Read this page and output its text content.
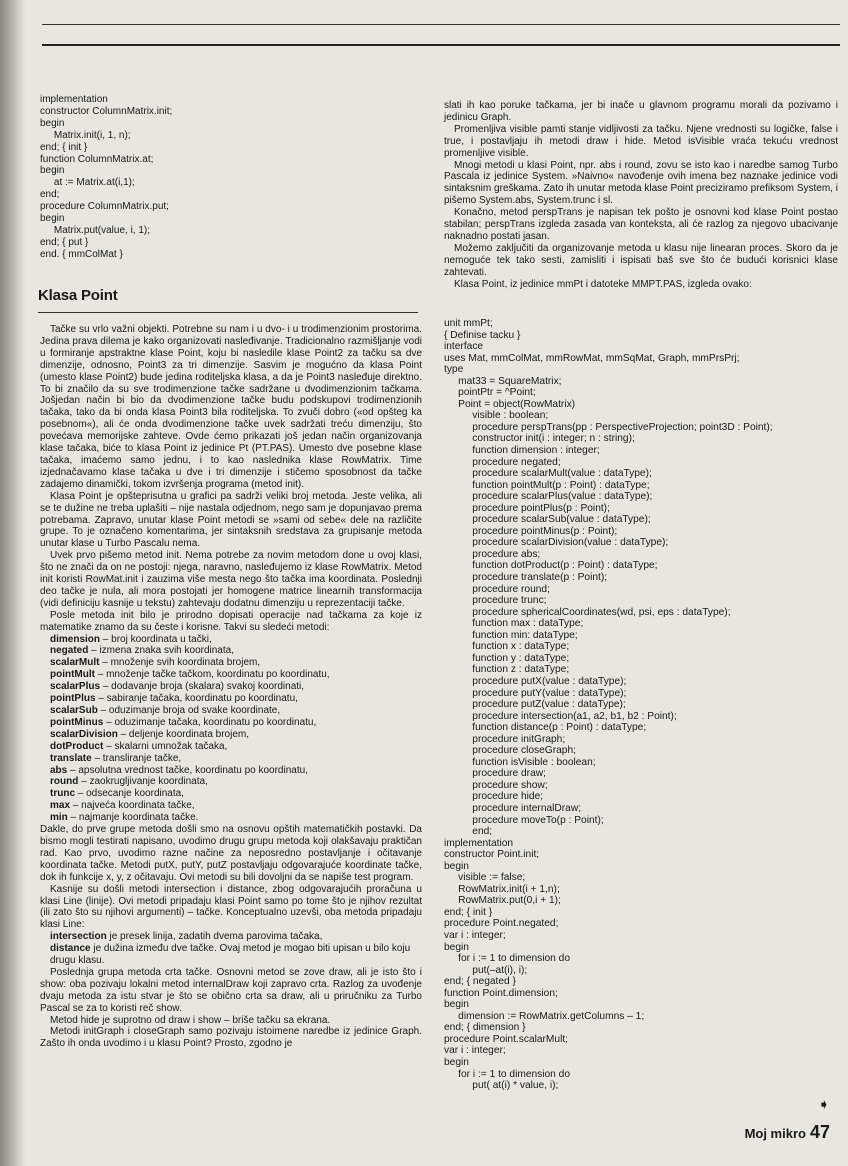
implementation
constructor ColumnMatrix.init;
begin
Matrix.init(i, 1, n);
end; { init }
function ColumnMatrix.at;
begin
at := Matrix.at(i,1);
end;
procedure ColumnMatrix.put;
begin
Matrix.put(value, i, 1);
end; { put }
end. { mmColMat }
Klasa Point

Tačke su vrlo važni objekti. Potrebne su nam i u dvo- i u trodimenzionim prostorima. Jedina prava dilema je kako organizovati nasleđivanje. Tradicionalno razmišljanje vodi u formiranje apstraktne klase Point, koju bi nasledile klase Point2 za tačku sa dve dimenzije, odnosno, Point3 za tri dimenzije. Sasvim je mogućno da klasa Point (umesto klase Point2) bude jedina roditeljska klasa, a da je Point3 nasleđuje direktno. To bi značilo da su sve trodimenzione tačke sadržane u dvodimenzionim tačkama. Jošjedan način bi bio da dvodimenzione tačke budu podskupovi trodimenzionih tačaka, tako da bi onda klasa Point3 bila roditeljska. To zvuči dobro («od opšteg ka posebnom«), ali će onda dvodimenzione tačke uvek sadržati treću dimenziju, što povećava memorijske zahteve. Ovde ćemo prikazati još jedan način organizovanja klase tačaka, biće to klasa Point iz jedinice Pt (PT.PAS). Umesto dve posebne klase tačaka, imaćemo samo jednu, i to kao naslednika klase RowMatrix. Time izjednačavamo klase tačaka u dve i tri dimenzije i stičemo sposobnost da tačke zadajemo dinamički, tokom izvršenja programa (metod init).

Klasa Point je opšteprisutna u grafici pa sadrži veliki broj metoda. Jeste velika, ali se te dužine ne treba uplašiti – nije nastala odjednom, nego sam je dopunjavao prema potrebama. Zapravo, unutar klase Point metodi se »sami od sebe« dele na različite grupe. To je označeno komentarima, jer sintaksnih sredstava za grupisanje metoda unutar klase u Turbo Pascalu nema.

Uvek prvo pišemo metod init. Nema potrebe za novim metodom done u ovoj klasi, što ne znači da on ne postoji: njega, naravno, nasleđujemo iz klase RowMatrix. Metod init koristi RowMat.init i zauzima više mesta nego što tačka ima koordinata. Poslednji deo tačke je nula, ali mora postojati jer homogene matrice linearnih transformacija (vidi definiciju kasnije u tekstu) zahtevaju dodatnu dimenziju u reprezentaciji tačke.

Posle metoda init bilo je prirodno dopisati operacije nad tačkama za koje iz matematike znamo da su česte i korisne. Takvi su sledeći metodi:

dimension – broj koordinata u tački,
negated – izmena znaka svih koordinata,
scalarMult – množenje svih koordinata brojem,
pointMult – množenje tačke tačkom, koordinatu po koordinatu,
scalarPlus – dodavanje broja (skalara) svakoj koordinati,
pointPlus – sabiranje tačaka, koordinatu po koordinatu,
scalarSub – oduzimanje broja od svake koordinate,
pointMinus – oduzimanje tačaka, koordinatu po koordinatu,
scalarDivision – deljenje koordinata brojem,
dotProduct – skalarni umnožak tačaka,
translate – transliranje tačke,
abs – apsolutna vrednost tačke, koordinatu po koordinatu,
round – zaokrugljivanje koordinata,
trunc – odsecanje koordinata,
max – najveća koordinata tačke,
min – najmanje koordinata tačke.

Dakle, do prve grupe metoda došli smo na osnovu opštih matematičkih postavki. Da bismo mogli testirati napisano, uvodimo drugu grupu metoda koji olakšavaju praktičan rad. Kao prvo, uvodimo razne načine za neposredno postavljanje i očitavanje koordinata tačke. Metodi putX, putY, putZ postavljaju odgovarajuće koordinate tačke, dok ih funkcije x, y, z očitavaju. Ovi metodi su bili dovoljni da se napiše test program.

Kasnije su došli metodi intersection i distance, zbog odgovarajućih proračuna u klasi Line (linije). Ovi metodi pripadaju klasi Point samo po tome što je njihov rezultat (ili zato što su njihovi argumenti) – tačke. Konceptualno uzevši, oba metoda pripadaju klasi Line:

intersection je presek linija, zadatih dvema parovima tačaka,
distance je dužina između dve tačke. Ovaj metod je mogao biti upisan u bilo koju drugu klasu.

Poslednja grupa metoda crta tačke. Osnovni metod se zove draw, ali je isto što i show: oba pozivaju lokalni metod internalDraw koji zapravo crta. Razlog za uvođenje dvaju metoda za istu stvar je što se obično crta sa draw, ali u priručniku za Turbo Pascal se za to koristi reč show.

Metod hide je suprotno od draw i show – briše tačku sa ekrana.

Metodi initGraph i closeGraph samo pozivaju istoimene naredbe iz jedinice Graph. Zašto ih onda uvodimo i u klasu Point? Prosto, zgodno je

slati ih kao poruke tačkama, jer bi inače u glavnom programu morali da pozivamo i jedinicu Graph.

Promenljiva visible pamti stanje vidljivosti za tačku. Njene vrednosti su logičke, false i true, i postavljaju ih metodi draw i hide. Metod isVisible vraća tekuću vrednost promenljive visible.

Mnogi metodi u klasi Point, npr. abs i round, zovu se isto kao i naredbe samog Turbo Pascala iz jedinice System. »Naivno« navođenje ovih imena bez naznake jedinice vodi sintaksnim greškama. Zato ih unutar metoda klase Point preciziramo prefiksom System, i pišemo System.abs, System.trunc i sl.

Konačno, metod perspTrans je napisan tek pošto je osnovni kod klase Point postao stabilan; perspTrans izgleda zasada van konteksta, ali će razlog za njegovo ubacivanje naknadno postati jasan.

Možemo zaključiti da organizovanje metoda u klasu nije linearan proces. Skoro da je nemoguće tek tako sesti, zamisliti i ispisati baš sve što će budući korisnici klase zahtevati.

Klasa Point, iz jedinice mmPt i datoteke MMPT.PAS, izgleda ovako:

unit mmPt;
{ Definise tacku }
interface
uses Mat, mmColMat, mmRowMat, mmSqMat, Graph, mmPrsPrj;
type
mat33 = SquareMatrix;
pointPtr = ^Point;
Point = object(RowMatrix)
visible : boolean;
procedure perspTrans(pp : PerspectiveProjection; point3D : Point);
constructor init(i : integer; n : string);
function dimension : integer;
procedure negated;
procedure scalarMult(value : dataType);
function pointMult(p : Point) : dataType;
procedure scalarPlus(value : dataType);
procedure pointPlus(p : Point);
procedure scalarSub(value : dataType);
procedure pointMinus(p : Point);
procedure scalarDivision(value : dataType);
procedure abs;
function dotProduct(p : Point) : dataType;
procedure translate(p : Point);
procedure round;
procedure trunc;
procedure sphericalCoordinates(wd, psi, eps : dataType);
function max : dataType;
function min: dataType;
function x : dataType;
function y : dataType;
function z : dataType;
procedure putX(value : dataType);
procedure putY(value : dataType);
procedure putZ(value : dataType);
procedure intersection(a1, a2, b1, b2 : Point);
function distance(p : Point) : dataType;
procedure initGraph;
procedure closeGraph;
function isVisible : boolean;
procedure draw;
procedure show;
procedure hide;
procedure internalDraw;
procedure moveTo(p : Point);
end;
implementation
constructor Point.init;
begin
visible := false;
RowMatrix.init(i + 1,n);
RowMatrix.put(0,i + 1);
end; { init }
procedure Point.negated;
var i : integer;
begin
for i := 1 to dimension do
put(–at(i), i);
end; { negated }
function Point.dimension;
begin
dimension := RowMatrix.getColumns – 1;
end; { dimension }
procedure Point.scalarMult;
var i : integer;
begin
for i := 1 to dimension do
put( at(i) * value, i);
➧
Moj mikro 47
